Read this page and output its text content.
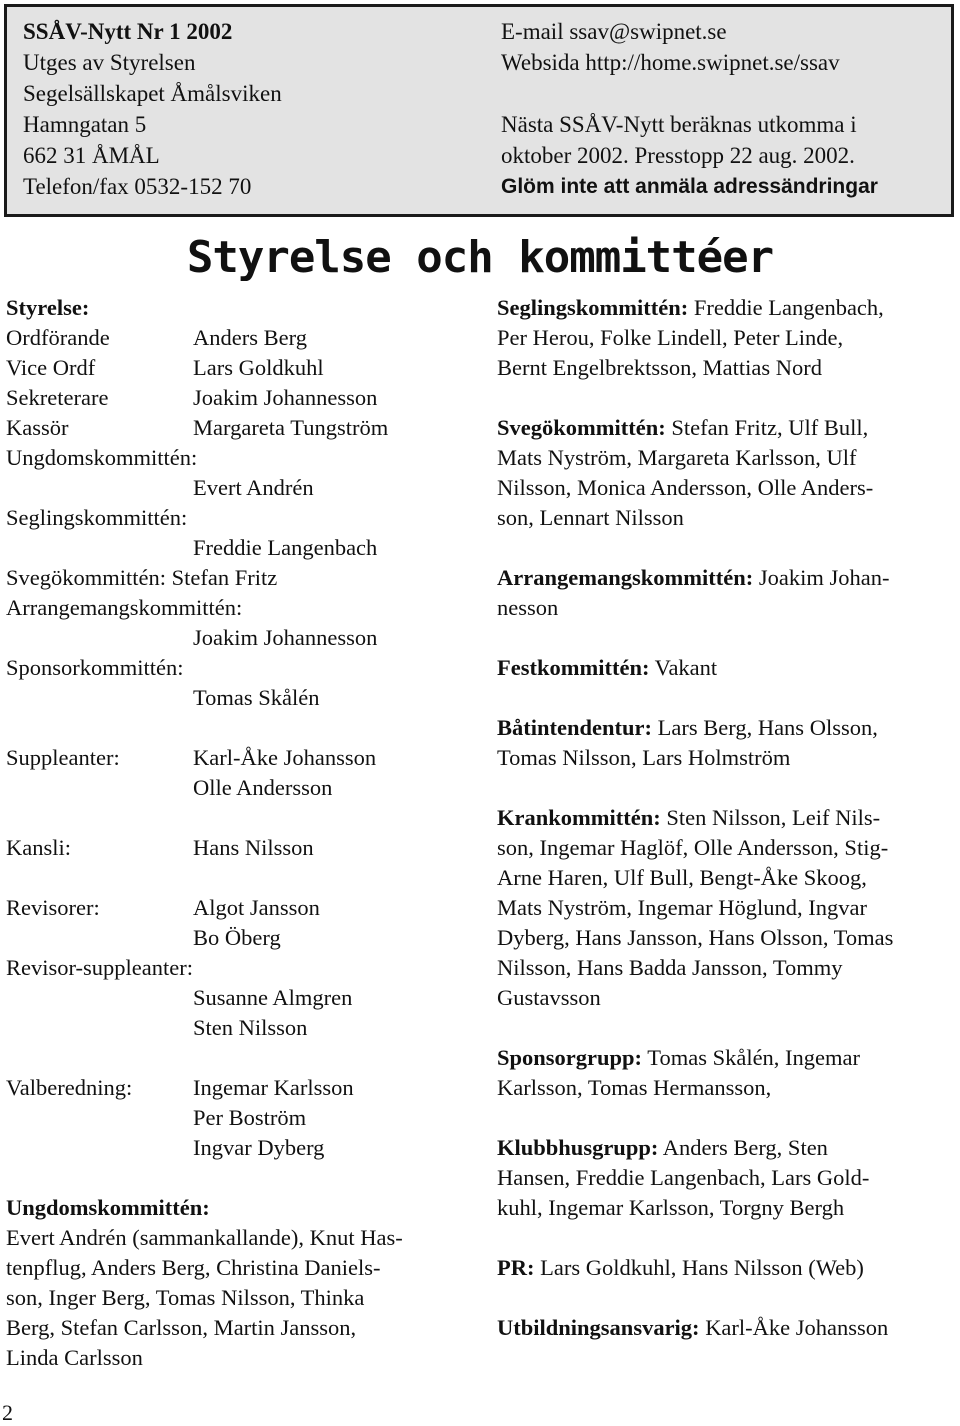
SSÅV-Nytt Nr 1 2002
Utges av Styrelsen
Segelsällskapet Åmålsviken
Hamngatan 5
662 31 ÅMÅL
Telefon/fax 0532-152 70
E-mail ssav@swipnet.se
Websida http://home.swipnet.se/ssav
Nästa SSÅV-Nytt beräknas utkomma i
oktober 2002. Presstopp 22 aug. 2002.
Glöm inte att anmäla adressändringar
Styrelse och kommittéer
Styrelse:
Ordförande	Anders Berg
Vice Ordf	Lars Goldkuhl
Sekreterare	Joakim Johannesson
Kassör	Margareta Tungström
Ungdomskommittén:
Evert Andrén
Seglingskommittén:
Freddie Langenbach
Svegökommittén: Stefan Fritz
Arrangemangskommittén:
Joakim Johannesson
Sponsorkommittén:
Tomas Skålén
Suppleanter:	Karl-Åke Johansson
Olle Andersson
Kansli:	Hans Nilsson
Revisorer:	Algot Jansson
Bo Öberg
Revisor-suppleanter:
Susanne Almgren
Sten Nilsson
Valberedning:	Ingemar Karlsson
Per Boström
Ingvar Dyberg
Ungdomskommittén:
Evert Andrén (sammankallande), Knut Has-
tenpflug, Anders Berg, Christina Daniels-
son, Inger Berg, Tomas Nilsson, Thinka
Berg, Stefan Carlsson, Martin Jansson,
Linda Carlsson
Seglingskommittén: Freddie Langenbach,
Per Herou, Folke Lindell, Peter Linde,
Bernt Engelbrektsson, Mattias Nord
Svegökommittén: Stefan Fritz, Ulf Bull,
Mats Nyström, Margareta Karlsson, Ulf
Nilsson, Monica Andersson, Olle Anders-
son, Lennart Nilsson
Arrangemangskommittén: Joakim Johan-
nesson
Festkommittén: Vakant
Båtintendentur: Lars Berg, Hans Olsson,
Tomas Nilsson, Lars Holmström
Krankommittén: Sten Nilsson, Leif Nils-
son, Ingemar Haglöf, Olle Andersson, Stig-
Arne Haren, Ulf Bull, Bengt-Åke Skoog,
Mats Nyström, Ingemar Höglund, Ingvar
Dyberg, Hans Jansson, Hans Olsson, Tomas
Nilsson, Hans Badda Jansson, Tommy
Gustavsson
Sponsorgrupp: Tomas Skålén, Ingemar
Karlsson, Tomas Hermansson,
Klubbhusgrupp: Anders Berg, Sten
Hansen, Freddie Langenbach, Lars Gold-
kuhl, Ingemar Karlsson, Torgny Bergh
PR: Lars Goldkuhl, Hans Nilsson (Web)
Utbildningsansvarig: Karl-Åke Johansson
2
